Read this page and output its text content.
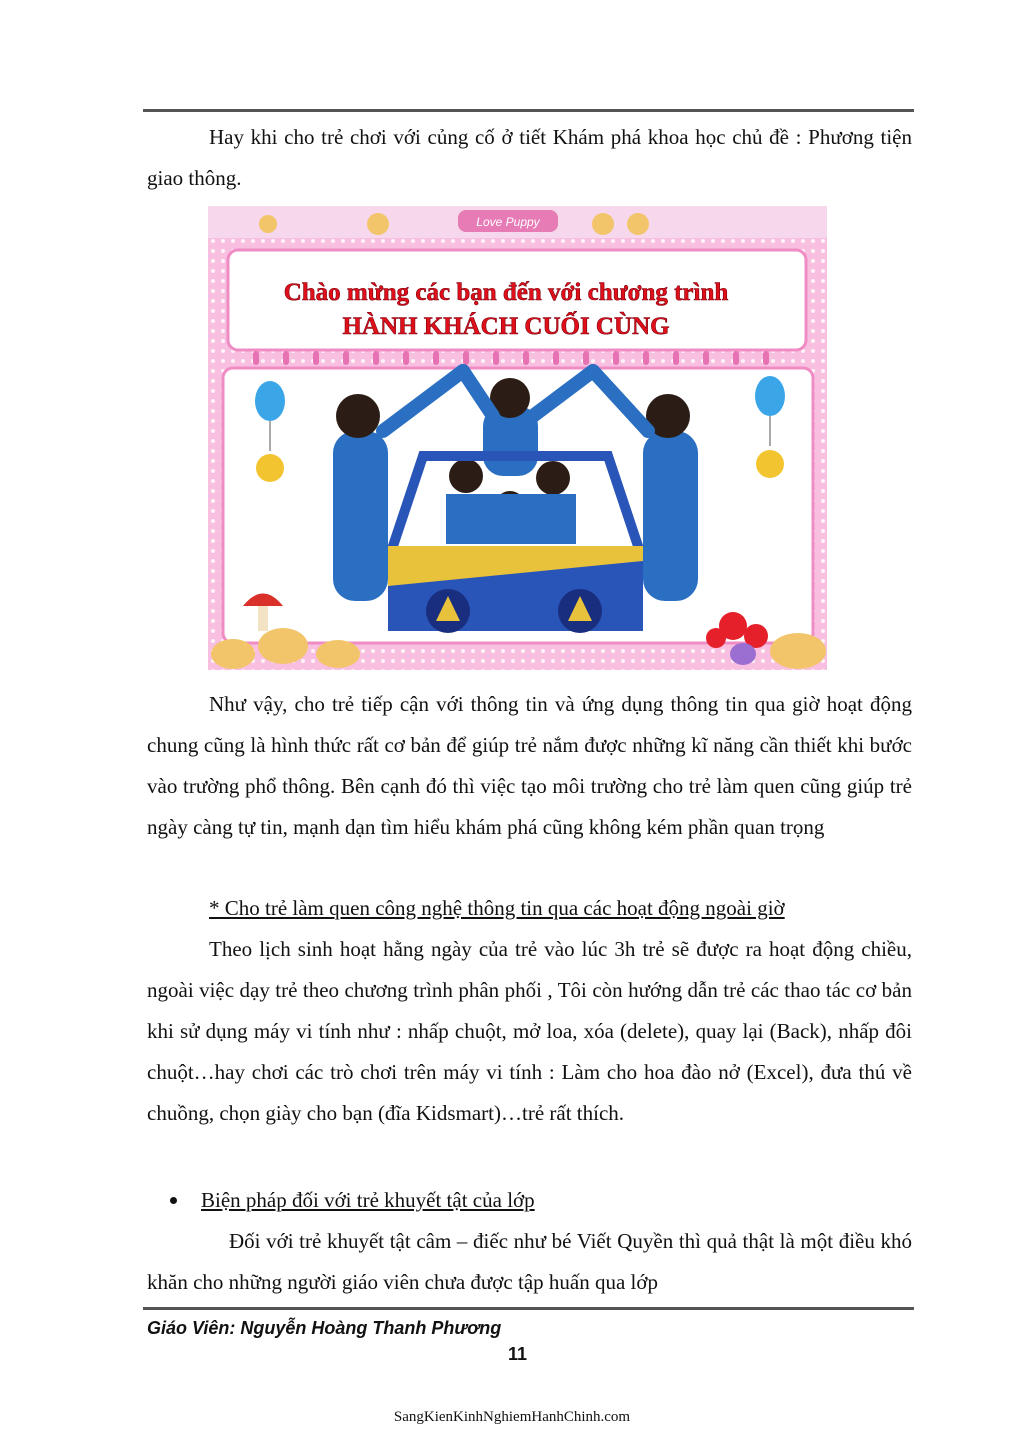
Hay khi cho trẻ chơi với củng cố ở tiết Khám phá khoa học chủ đề : Phương tiện giao thông.

Love Puppy
Chào mừng các bạn đến với chương trình
HÀNH KHÁCH CUỐI CÙNG

Như vậy, cho trẻ tiếp cận với thông tin và ứng dụng thông tin qua giờ hoạt động chung cũng là hình thức rất cơ bản để giúp trẻ nắm được những kĩ năng cần thiết khi bước vào trường phổ thông. Bên cạnh đó thì việc tạo môi trường cho trẻ làm quen cũng giúp trẻ ngày càng tự tin, mạnh dạn tìm hiểu khám phá cũng không kém phần quan trọng

* Cho trẻ làm quen công nghệ thông tin qua các hoạt động ngoài giờ

Theo lịch sinh hoạt hằng ngày của trẻ vào lúc 3h trẻ sẽ được ra hoạt động chiều, ngoài việc dạy trẻ theo chương trình phân phối , Tôi còn hướng dẫn trẻ các thao tác cơ bản khi sử dụng máy vi tính như : nhấp chuột, mở loa, xóa (delete), quay lại (Back), nhấp đôi chuột…hay chơi các trò chơi trên máy vi tính : Làm cho hoa đào nở (Excel), đưa thú về chuồng, chọn giày cho bạn (đĩa Kidsmart)…trẻ rất thích.

Biện pháp đối với trẻ khuyết tật của lớp

Đối với trẻ khuyết tật câm – điếc như bé Viết Quyền thì quả thật là một điều khó khăn cho những người giáo viên chưa được tập huấn qua lớp

Giáo Viên: Nguyễn Hoàng Thanh Phương
11
SangKienKinhNghiemHanhChinh.com
